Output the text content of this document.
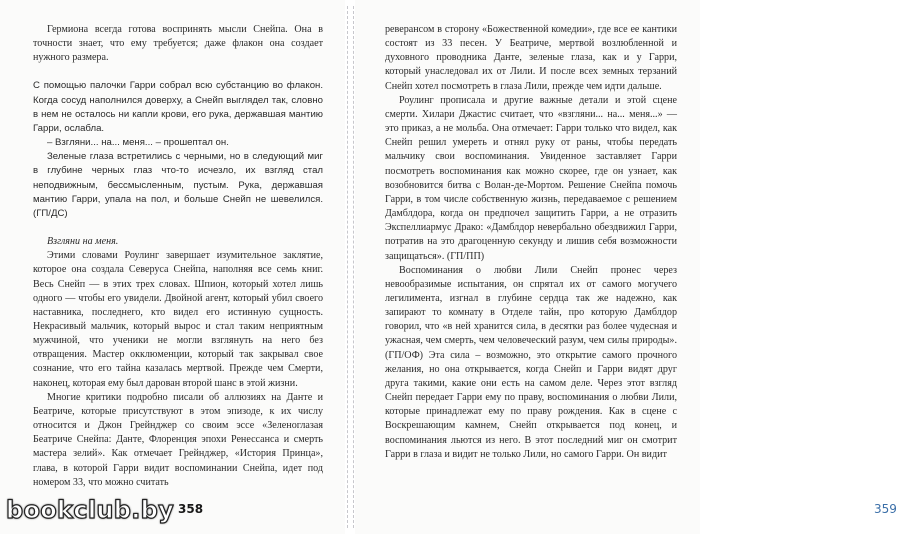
Гермиона всегда готова воспринять мысли Снейпа. Она в точности знает, что ему требуется; даже флакон она создает нужного размера.

С помощью палочки Гарри собрал всю субстанцию во флакон. Когда сосуд наполнился доверху, а Снейп выглядел так, словно в нем не осталось ни капли крови, его рука, державшая мантию Гарри, ослабла.

– Взгляни... на... меня... – прошептал он.

Зеленые глаза встретились с черными, но в следующий миг в глубине черных глаз что-то исчезло, их взгляд стал неподвижным, бессмысленным, пустым. Рука, державшая мантию Гарри, упала на пол, и больше Снейп не шевелился. (ГП/ДС)

Взгляни на меня.

Этими словами Роулинг завершает изумительное заклятие, которое она создала Северуса Снейпа, наполняя все семь книг. Весь Снейп — в этих трех словах. Шпион, который хотел лишь одного — чтобы его увидели. Двойной агент, который убил своего наставника, последнего, кто видел его истинную сущность. Некрасивый мальчик, который вырос и стал таким неприятным мужчиной, что ученики не могли взглянуть на него без отвращения. Мастер окклюменции, который так закрывал свое сознание, что его тайна казалась мертвой. Прежде чем Смерти, наконец, которая ему был дарован второй шанс в этой жизни.

Многие критики подробно писали об аллюзиях на Данте и Беатриче, которые присутствуют в этом эпизоде, к их числу относится и Джон Грейнджер со своим эссе «Зеленоглазая Беатриче Снейпа: Данте, Флоренция эпохи Ренессанса и смерть мастера зелий». Как отмечает Грейнджер, «История Принца», глава, в которой Гарри видит воспоминании Снейпа, идет под номером 33, что можно считать

358

реверансом в сторону «Божественной комедии», где все ее кантики состоят из 33 песен. У Беатриче, мертвой возлюбленной и духовного проводника Данте, зеленые глаза, как и у Гарри, который унаследовал их от Лили. И после всех земных терзаний Снейп хотел посмотреть в глаза Лили, прежде чем идти дальше.

Роулинг прописала и другие важные детали и этой сцене смерти. Хилари Джастис считает, что «взгляни... на... меня...» — это приказ, а не мольба. Она отмечает: Гарри только что видел, как Снейп решил умереть и отнял руку от раны, чтобы передать мальчику свои воспоминания. Увиденное заставляет Гарри посмотреть воспоминания как можно скорее, где он узнает, как возобновится битва с Волан-де-Мортом. Решение Снейпа помочь Гарри, в том числе собственную жизнь, передаваемое с решением Дамблдора, когда он предпочел защитить Гарри, а не отразить Экспеллиармус Драко: «Дамблдор невербально обездвижил Гарри, потратив на это драгоценную секунду и лишив себя возможности защищаться». (ГП/ПП)

Воспоминания о любви Лили Снейп пронес через невообразимые испытания, он спрятал их от самого могучего легилимента, изгнал в глубине сердца так же надежно, как запирают то комнату в Отделе тайн, про которую Дамблдор говорил, что «в ней хранится сила, в десятки раз более чудесная и ужасная, чем смерть, чем человеческий разум, чем силы природы». (ГП/ОФ) Эта сила – возможно, это открытие самого прочного желания, но она открывается, когда Снейп и Гарри видят друг друга такими, какие они есть на самом деле. Через этот взгляд Снейп передает Гарри ему по праву, воспоминания о любви Лили, которые принадлежат ему по праву рождения. Как в сцене с Воскрешающим камнем, Снейп открывается под конец, и воспоминания льются из него. В этот последний миг он смотрит Гарри в глаза и видит не только Лили, но самого Гарри. Он видит

359
bookclub.by
